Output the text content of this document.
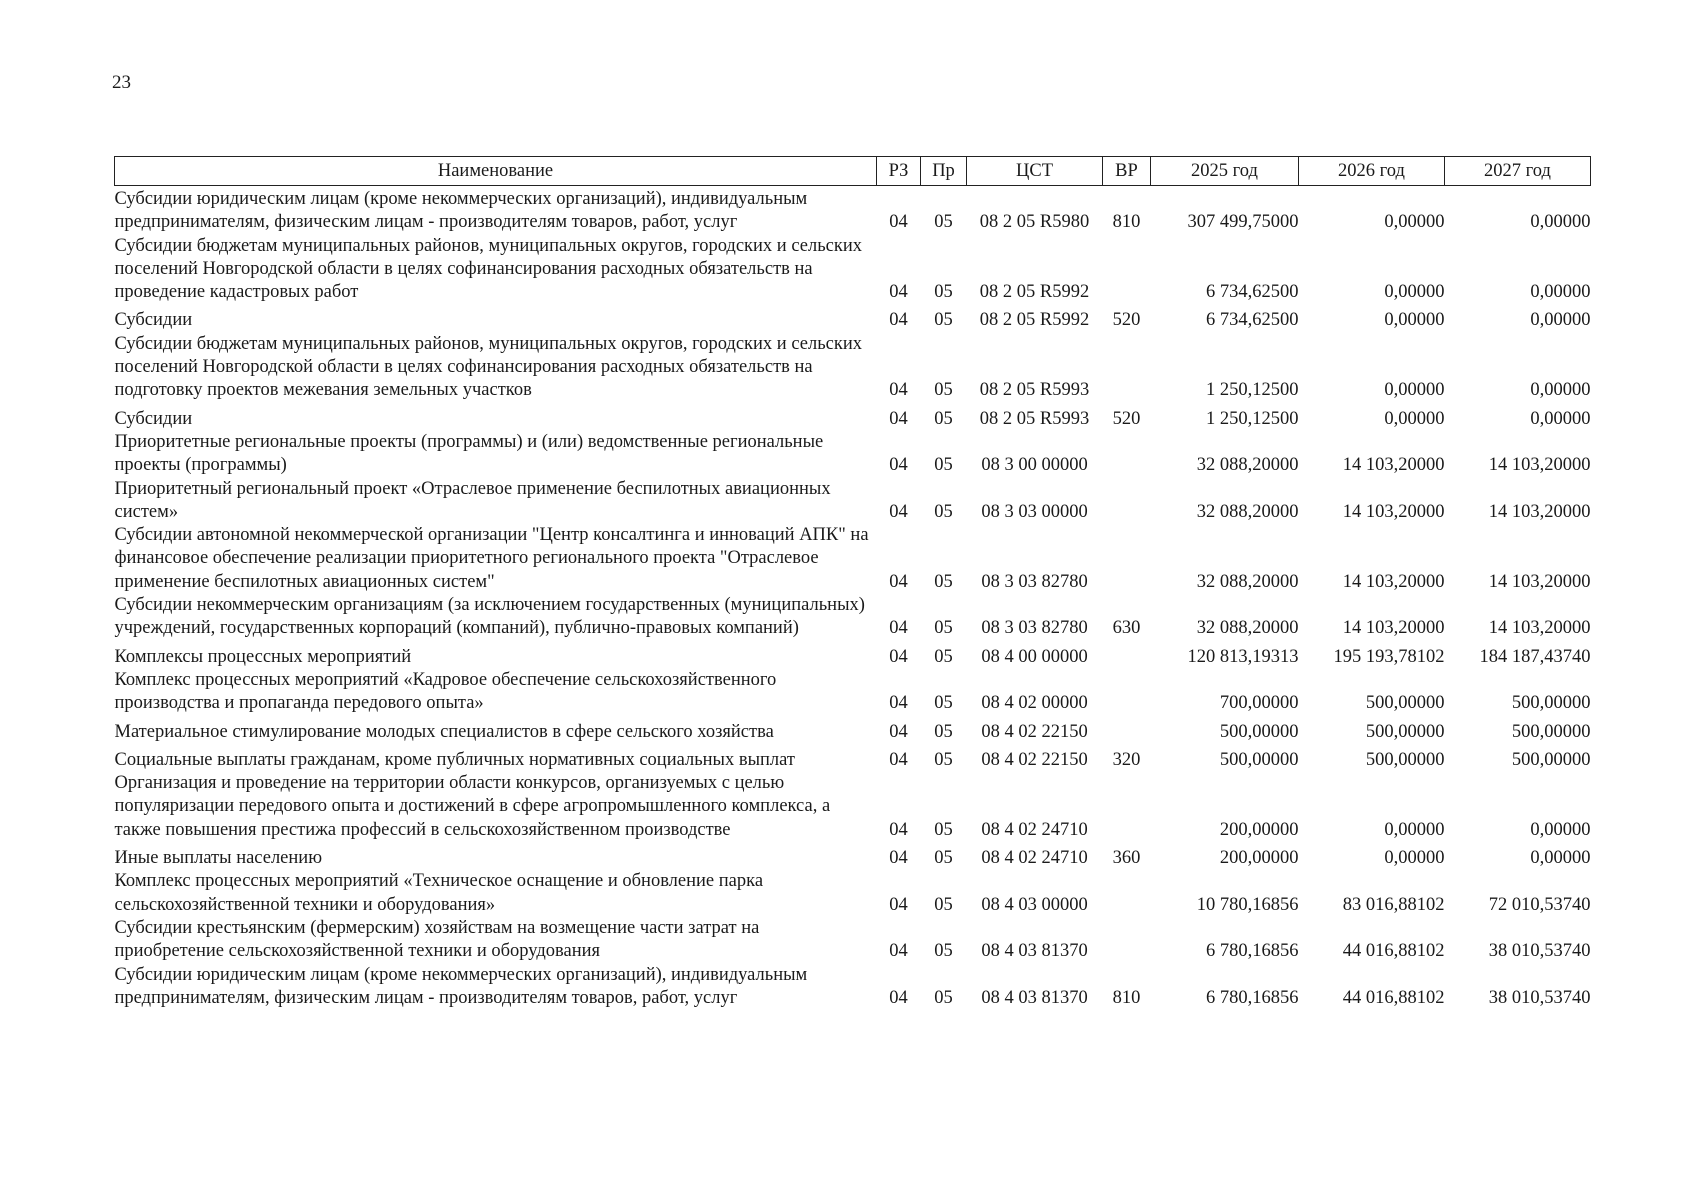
23
Наименование	РЗ	Пр	ЦСТ	ВР	2025 год	2026 год	2027 год
Субсидии юридическим лицам (кроме некоммерческих организаций), индивидуальным предпринимателям, физическим лицам - производителям товаров, работ, услуг	04	05	08 2 05 R5980	810	307 499,75000	0,00000	0,00000
Субсидии бюджетам муниципальных районов, муниципальных округов, городских и сельских поселений Новгородской области в целях софинансирования расходных обязательств на проведение кадастровых работ	04	05	08 2 05 R5992		6 734,62500	0,00000	0,00000
Субсидии	04	05	08 2 05 R5992	520	6 734,62500	0,00000	0,00000
Субсидии бюджетам муниципальных районов, муниципальных округов, городских и сельских поселений Новгородской области в целях софинансирования расходных обязательств на подготовку проектов межевания земельных участков	04	05	08 2 05 R5993		1 250,12500	0,00000	0,00000
Субсидии	04	05	08 2 05 R5993	520	1 250,12500	0,00000	0,00000
Приоритетные региональные проекты (программы) и (или) ведомственные региональные проекты (программы)	04	05	08 3 00 00000		32 088,20000	14 103,20000	14 103,20000
Приоритетный региональный проект «Отраслевое применение беспилотных авиационных систем»	04	05	08 3 03 00000		32 088,20000	14 103,20000	14 103,20000
Субсидии автономной некоммерческой организации "Центр консалтинга и инноваций АПК" на финансовое обеспечение реализации приоритетного регионального проекта "Отраслевое применение беспилотных авиационных систем"	04	05	08 3 03 82780		32 088,20000	14 103,20000	14 103,20000
Субсидии некоммерческим организациям (за исключением государственных (муниципальных) учреждений, государственных корпораций (компаний), публично-правовых компаний)	04	05	08 3 03 82780	630	32 088,20000	14 103,20000	14 103,20000
Комплексы процессных мероприятий	04	05	08 4 00 00000		120 813,19313	195 193,78102	184 187,43740
Комплекс процессных мероприятий «Кадровое обеспечение сельскохозяйственного производства и пропаганда передового опыта»	04	05	08 4 02 00000		700,00000	500,00000	500,00000
Материальное стимулирование молодых специалистов в сфере сельского хозяйства	04	05	08 4 02 22150		500,00000	500,00000	500,00000
Социальные выплаты гражданам, кроме публичных нормативных социальных выплат	04	05	08 4 02 22150	320	500,00000	500,00000	500,00000
Организация и проведение на территории области конкурсов, организуемых с целью популяризации передового опыта и достижений в сфере агропромышленного комплекса, а также повышения престижа профессий в сельскохозяйственном производстве	04	05	08 4 02 24710		200,00000	0,00000	0,00000
Иные выплаты населению	04	05	08 4 02 24710	360	200,00000	0,00000	0,00000
Комплекс процессных мероприятий «Техническое оснащение и обновление парка сельскохозяйственной техники и оборудования»	04	05	08 4 03 00000		10 780,16856	83 016,88102	72 010,53740
Субсидии крестьянским (фермерским) хозяйствам на возмещение части затрат на приобретение сельскохозяйственной техники и оборудования	04	05	08 4 03 81370		6 780,16856	44 016,88102	38 010,53740
Субсидии юридическим лицам (кроме некоммерческих организаций), индивидуальным предпринимателям, физическим лицам - производителям товаров, работ, услуг	04	05	08 4 03 81370	810	6 780,16856	44 016,88102	38 010,53740
